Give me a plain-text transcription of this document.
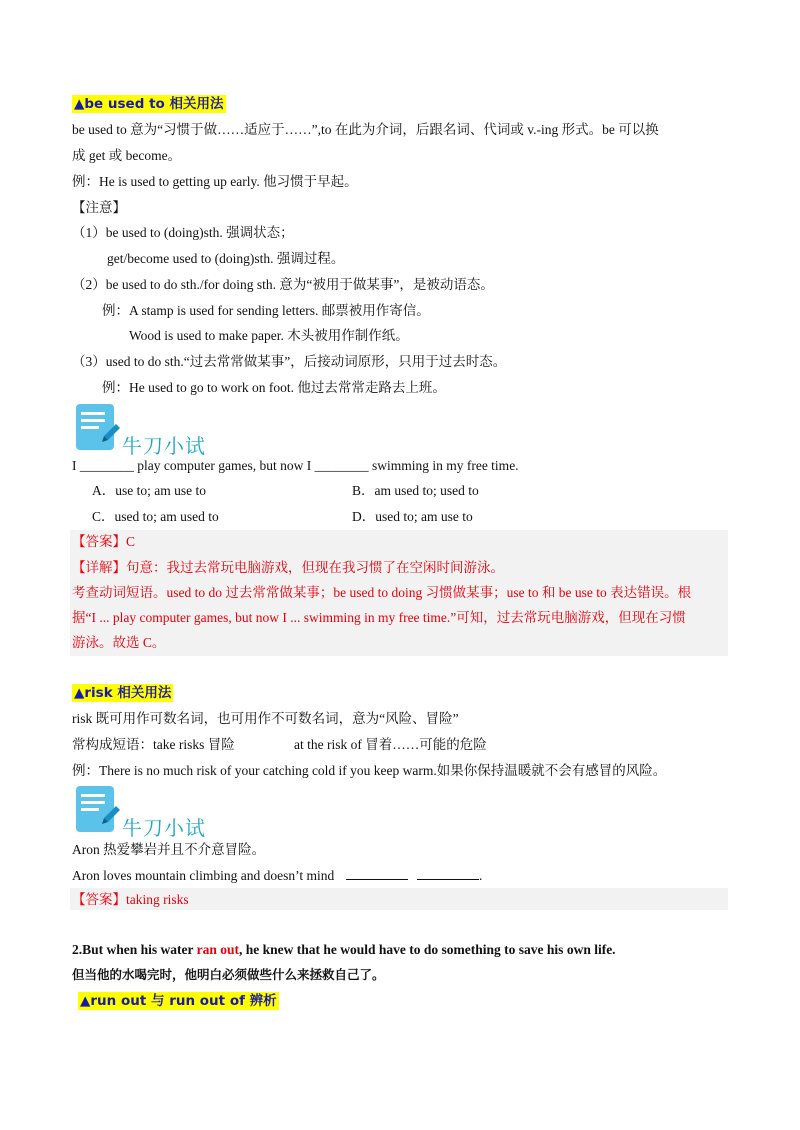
▲be used to 相关用法
be used to 意为“习惯于做……适应于……”,to 在此为介词，后跟名词、代词或 v.-ing 形式。be 可以换
成 get 或 become。
例：He is used to getting up early. 他习惯于早起。
【注意】
（1）be used to (doing)sth. 强调状态；
get/become used to (doing)sth. 强调过程。
（2）be used to do sth./for doing sth. 意为“被用于做某事”，是被动语态。
例：A stamp is used for sending letters. 邮票被用作寄信。
Wood is used to make paper. 木头被用作制作纸。
（3）used to do sth.“过去常常做某事”，后接动词原形，只用于过去时态。
例：He used to go to work on foot. 他过去常常走路去上班。
牛刀小试
I ________ play computer games, but now I ________ swimming in my free time.
A．use to; am use to	B．am used to; used to
C．used to; am used to	D．used to; am use to
【答案】C
【详解】句意：我过去常玩电脑游戏，但现在我习惯了在空闲时间游泳。
考查动词短语。used to do 过去常常做某事；be used to doing 习惯做某事；use to 和 be use to 表达错误。根
据“I ... play computer games, but now I ... swimming in my free time.”可知，过去常玩电脑游戏，但现在习惯
游泳。故选 C。
▲risk 相关用法
risk 既可用作可数名词，也可用作不可数名词，意为“风险、冒险”
常构成短语：take risks 冒险	at the risk of 冒着……可能的危险
例：There is no much risk of your catching cold if you keep warm.如果你保持温暖就不会有感冒的风险。
牛刀小试
Aron 热爱攀岩并且不介意冒险。
Aron loves mountain climbing and doesn’t mind	.
【答案】taking risks
2.But when his water ran out, he knew that he would have to do something to save his own life.
但当他的水喝完时，他明白必须做些什么来拯救自己了。
▲run out 与 run out of 辨析
